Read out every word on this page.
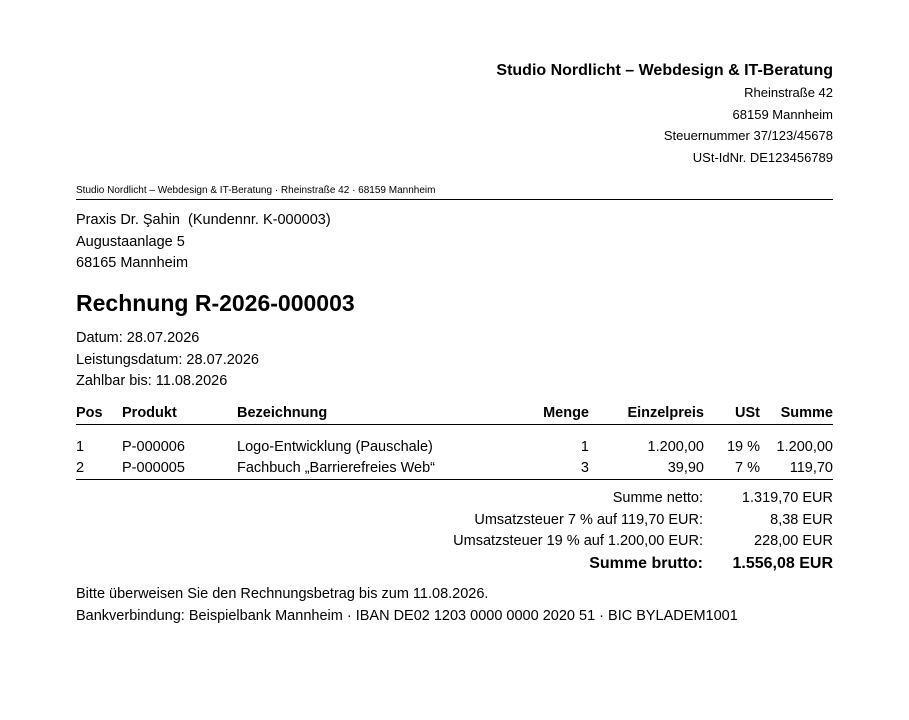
Studio Nordlicht – Webdesign & IT-Beratung
Rheinstraße 42
68159 Mannheim
Steuernummer 37/123/45678
USt-IdNr. DE123456789
Studio Nordlicht – Webdesign & IT-Beratung · Rheinstraße 42 · 68159 Mannheim
Praxis Dr. Şahin  (Kundennr. K-000003)
Augustaanlage 5
68165 Mannheim
Rechnung R-2026-000003
Datum: 28.07.2026
Leistungsdatum: 28.07.2026
Zahlbar bis: 11.08.2026
Pos	Produkt	Bezeichnung	Menge	Einzelpreis	USt	Summe
1	P-000006	Logo-Entwicklung (Pauschale)	1	1.200,00	19 %	1.200,00
2	P-000005	Fachbuch „Barrierefreies Web“	3	39,90	7 %	119,70
Summe netto:	1.319,70 EUR
Umsatzsteuer 7 % auf 119,70 EUR:	8,38 EUR
Umsatzsteuer 19 % auf 1.200,00 EUR:	228,00 EUR
Summe brutto:	1.556,08 EUR
Bitte überweisen Sie den Rechnungsbetrag bis zum 11.08.2026.
Bankverbindung: Beispielbank Mannheim · IBAN DE02 1203 0000 0000 2020 51 · BIC BYLADEM1001
